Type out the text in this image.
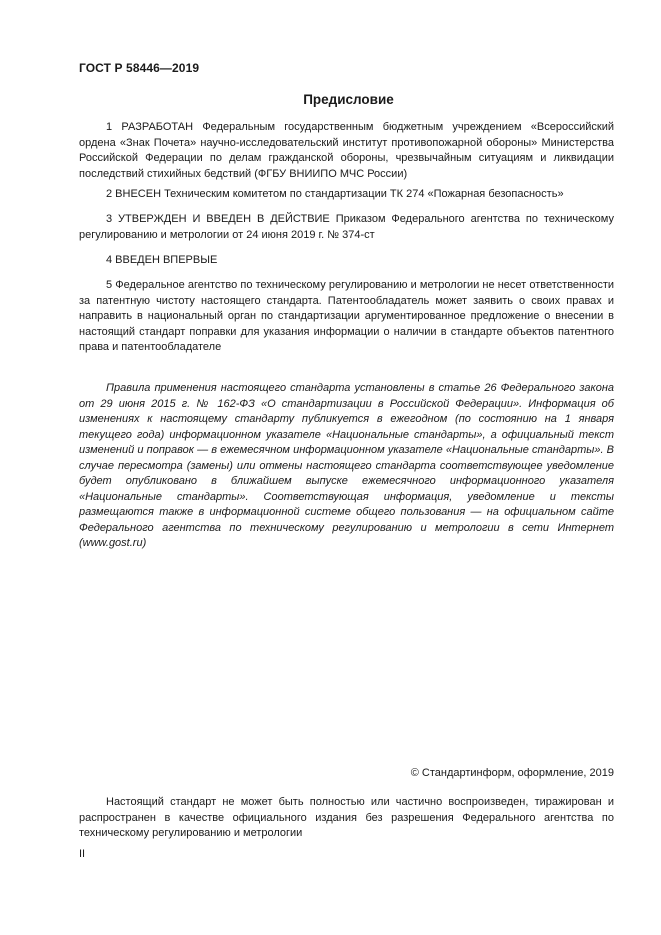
ГОСТ Р 58446—2019
Предисловие
1 РАЗРАБОТАН Федеральным государственным бюджетным учреждением «Всероссийский ордена «Знак Почета» научно-исследовательский институт противопожарной обороны» Министерства Российской Федерации по делам гражданской обороны, чрезвычайным ситуациям и ликвидации последствий стихийных бедствий (ФГБУ ВНИИПО МЧС России)
2 ВНЕСЕН Техническим комитетом по стандартизации ТК 274 «Пожарная безопасность»
3 УТВЕРЖДЕН И ВВЕДЕН В ДЕЙСТВИЕ Приказом Федерального агентства по техническому регулированию и метрологии от 24 июня 2019 г. № 374-ст
4 ВВЕДЕН ВПЕРВЫЕ
5 Федеральное агентство по техническому регулированию и метрологии не несет ответственности за патентную чистоту настоящего стандарта. Патентообладатель может заявить о своих правах и направить в национальный орган по стандартизации аргументированное предложение о внесении в настоящий стандарт поправки для указания информации о наличии в стандарте объектов патентного права и патентообладателе
Правила применения настоящего стандарта установлены в статье 26 Федерального закона от 29 июня 2015 г. № 162-ФЗ «О стандартизации в Российской Федерации». Информация об изменениях к настоящему стандарту публикуется в ежегодном (по состоянию на 1 января текущего года) информационном указателе «Национальные стандарты», а официальный текст изменений и поправок — в ежемесячном информационном указателе «Национальные стандарты». В случае пересмотра (замены) или отмены настоящего стандарта соответствующее уведомление будет опубликовано в ближайшем выпуске ежемесячного информационного указателя «Национальные стандарты». Соответствующая информация, уведомление и тексты размещаются также в информационной системе общего пользования — на официальном сайте Федерального агентства по техническому регулированию и метрологии в сети Интернет (www.gost.ru)
© Стандартинформ, оформление, 2019
Настоящий стандарт не может быть полностью или частично воспроизведен, тиражирован и распространен в качестве официального издания без разрешения Федерального агентства по техническому регулированию и метрологии
II
